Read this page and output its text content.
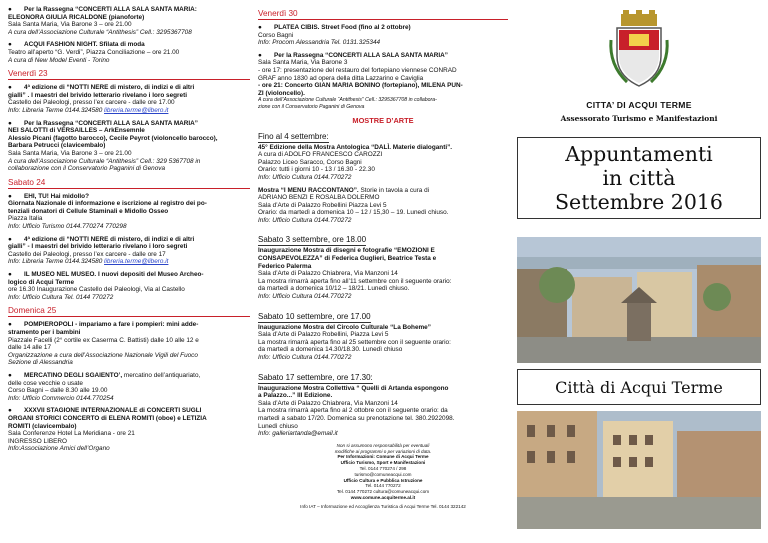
● Per la Rassegna “CONCERTI ALLA SALA SANTA MARIA:

ELEONORA GIULIA RICALDONE (pianoforte)

Sala Santa Maria, Via Barone 3 – ore 21.00

A cura dell’Associazione Culturale “Antithesis” Cell.: 3295367708

● ACQUI FASHION NIGHT. Sfilata di moda

Teatro all’aperto “G. Verdi”, Piazza Conciliazione – ore 21.00

A cura di New Model Eventi - Torino

Venerdì 23

● 4ª edizione di “NOTTI NERE di mistero, di indizi e di altri

gialli” . I maestri del brivido letterario rivelano i loro segreti

Castello dei Paleologi, presso l’ex carcere - dalle ore 17.00

Info: Libreria Terme 0144.324580 libreria.terme@libero.it

● Per la Rassegna “CONCERTI ALLA SALA SANTA MARIA”

NEI SALOTTI di VERSAILLES – ArkEnsemnle

Alessio Picani (fagotto barocco), Cecile Peyrot (violoncello barocco),

Barbara Petrucci (clavicembalo)

Sala Santa Maria, Via Barone 3 – ore 21.00

A cura dell’Associazione Culturale “Antithesis” Cell.: 329 5367708 in

collaborazione con il Conservatorio Paganini di Genova

Sabato 24

● EHI, TU! Hai midollo?

Giornata Nazionale di informazione e iscrizione al registro dei po-

tenziali donatori di Cellule Staminali e Midollo Osseo

Piazza Italia

Info: Ufficio Turismo 0144.770274 770298

● 4ª edizione di “NOTTI NERE di mistero, di indizi e di altri

gialli” - I maestri del brivido letterario rivelano i loro segreti

Castello dei Paleologi, presso l’ex carcere - dalle ore 17

Info: Libreria Terme 0144.324580 libreria.terme@libero.it

● IL MUSEO NEL MUSEO. I nuovi depositi del Museo Archeo-

logico di Acqui Terme

ore 16.30 Inaugurazione Castello dei Paleologi, Via al Castello

Info: Ufficio Cultura Tel. 0144 770272

Domenica 25

● POMPIEROPOLI - impariamo a fare i pompieri: mini adde-

stramento per i bambini

Piazzale Facelli (2° cortile ex Caserma C. Battisti) dalle 10 alle 12 e

dalle 14 alle 17

Organizzazione a cura dell’Associazione Nazionale Vigili del Fuoco

Sezione di Alessandria

● MERCATINO DEGLI SGAIENTO’, mercatino dell’antiquariato,

delle cose vecchie o usate

Corso Bagni – dalle 8.30 alle 19.00

Info: Ufficio Commercio 0144.770254

● XXXVII STAGIONE INTERNAZIONALE di CONCERTI SUGLI

ORGANI STORICI CONCERTO di ELENA ROMITI (oboe) e LETIZIA

ROMITI (clavicembalo)

Sala Conferenze Hotel La Meridiana - ore 21

INGRESSO LIBERO

Info:Associazione Amici dell’Organo

Venerdì 30

● PLATEA CIBIS. Street Food (fino al 2 ottobre)

Corso Bagni

Info: Procom Alessandria Tel. 0131.325344

● Per la Rassegna “CONCERTI ALLA SALA SANTA MARIA”

Sala Santa Maria, Via Barone 3

- ore 17: presentazione del restauro del fortepiano viennese CONRAD

GRAF anno 1830 ad opera della ditta Lazzarino e Caviglia

- ore 21: Concerto GIAN MARIA BONINO (fortepiano), MILENA PUN-

ZI (violoncello).

A cura dell’Associazione Culturale “Antithesis” Cell.: 3295367708 in collabora-

zione con il Conservatorio Paganini di Genova

MOSTRE D’ARTE
Fino al 4 settembre:

45° Edizione della Mostra Antologica “DALÌ. Materie dialoganti”.

A cura di ADOLFO FRANCESCO CAROZZI

Palazzo Liceo Saracco, Corso Bagni

Orario: tutti i giorni 10 - 13 / 16.30 - 22.30

Info: Ufficio Cultura 0144.770272

Mostra “I MENU RACCONTANO”. Storie in tavola a cura di

ADRIANO BENZI E ROSALBA DOLERMO

Sala d’Arte di Palazzo Robellini Piazza Levi 5

Orario: da martedì a domenica 10 – 12 / 15,30 – 19. Lunedì chiuso.

Info: Ufficio Cultura 0144.770272

Sabato 3 settembre, ore 18.00

Inaugurazione Mostra di disegni e fotografie “EMOZIONI E

CONSAPEVOLEZZA” di Federica Guglieri, Beatrice Testa e

Federico Palerma

Sala d’Arte di Palazzo Chiabrera, Via Manzoni 14

La mostra rimarrà aperta fino all’11 settembre con il seguente orario:

da martedì a domenica 10/12 – 18/21. Lunedì chiuso.

Info: Ufficio Cultura 0144.770272

Sabato 10 settembre, ore 17.00

Inaugurazione Mostra del Circolo Culturale “La Boheme”

Sala d’Arte di Palazzo Robellini, Piazza Levi 5

La mostra rimarrà aperta fino al 25 settembre con il seguente orario:

da martedì a domenica 14.30/18.30. Lunedì chiuso

Info: Ufficio Cultura 0144.770272

Sabato 17 settembre, ore 17.30:

Inaugurazione Mostra Collettiva “ Quelli di Artanda espongono

a Palazzo...” III Edizione.

Sala d’Arte di Palazzo Chiabrera, Via Manzoni 14

La mostra rimarrà aperta fino al 2 ottobre con il seguente orario: da

martedì a sabato 17/20. Domenica su prenotazione tel. 380.2922098.

Lunedì chiuso

Info: galleriartanda@email.it

Non si assumono responsabilità per eventuali

modifiche ai programmi o per variazioni di data.

Per Informazioni: Comune di Acqui Terme

Ufficio Turismo, Sport e Manifestazioni

Tel. 0144 770274 / 298

turismo@comuneacqui.com

Ufficio Cultura e Pubblica Istruzione

Tel. 0144 770272

Tel. 0144 770272 cultura@comuneacqui.com

www.comune.acquiterme.al.it

Info IAT – Informazione ed Accoglienza Turistica di Acqui Terme Tel. 0144 322142

CITTA’ DI ACQUI TERME
Assessorato Turismo e Manifestazioni
Appuntamenti
in città
Settembre 2016
Città di Acqui Terme
